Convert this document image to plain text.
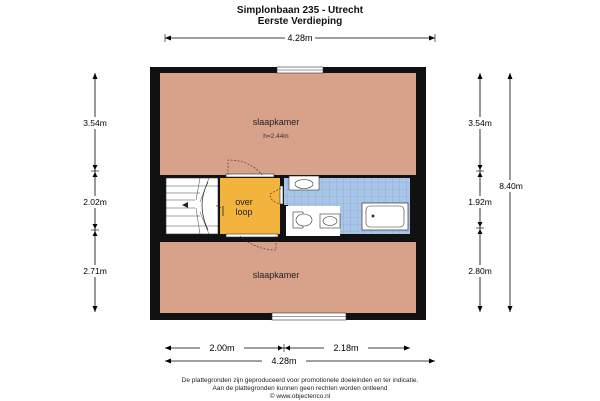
Simplonbaan 235 - Utrecht
Eerste Verdieping
4.28m
3.54m
2.02m
2.71m
3.54m
1.92m
2.80m
8.40m
2.00m	2.18m
4.28m
slaapkamer
h=2.44m
over
loop
slaapkamer
De plattegronden zijn geproduceerd voor promotionele doeleinden en ter indicatie.
Aan de plattegronden kunnen geen rechten worden ontleend
© www.objectenco.nl
